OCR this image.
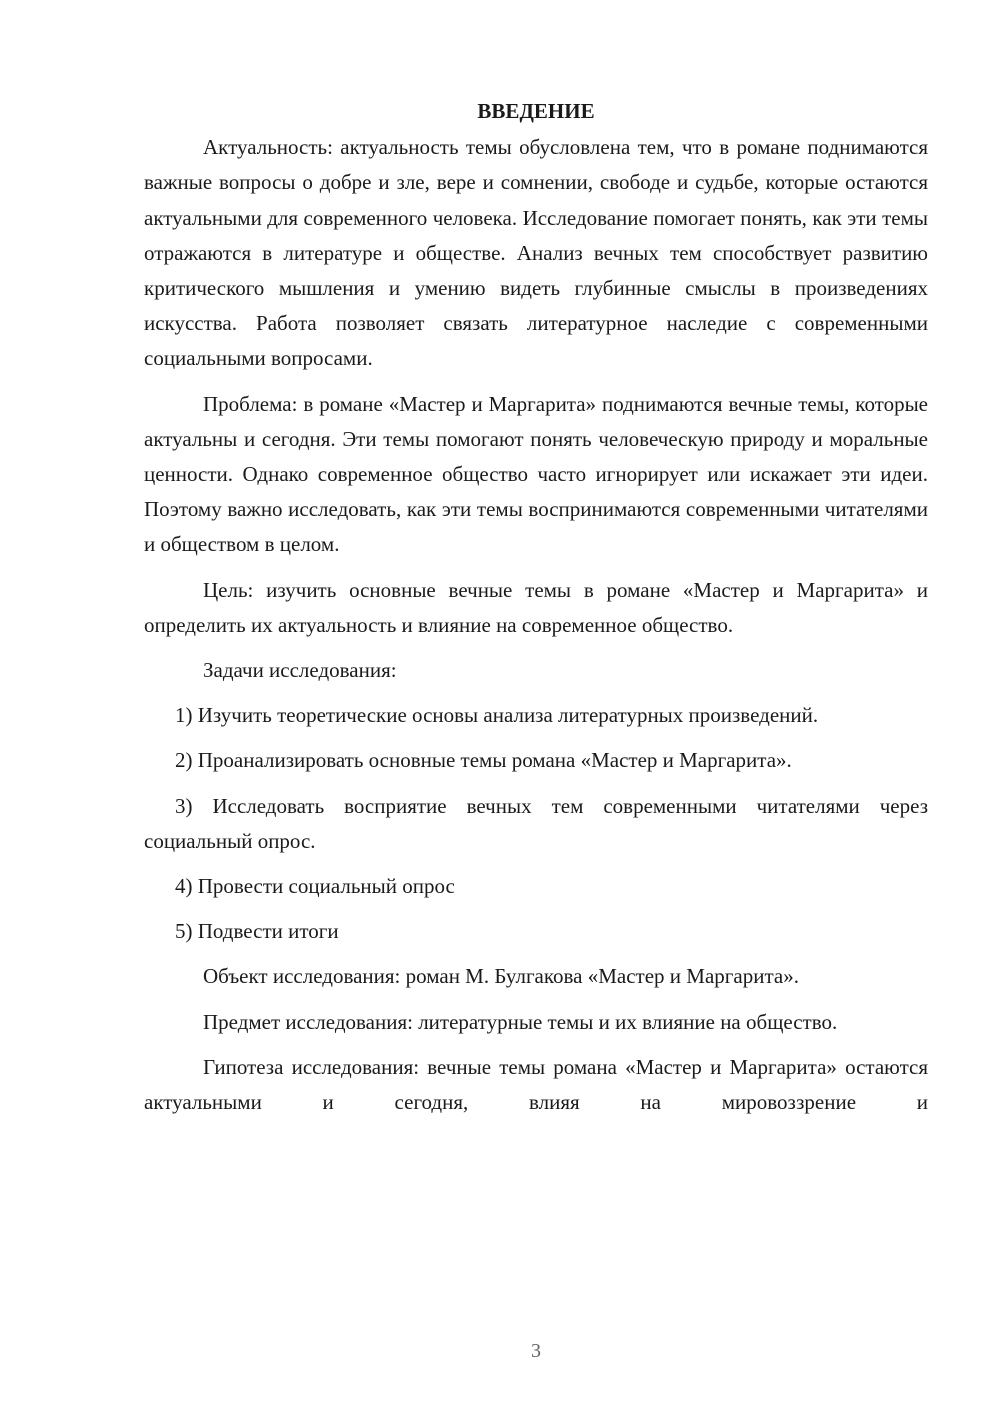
ВВЕДЕНИЕ

Актуальность: актуальность темы обусловлена тем, что в романе поднимаются важные вопросы о добре и зле, вере и сомнении, свободе и судьбе, которые остаются актуальными для современного человека. Исследование помогает понять, как эти темы отражаются в литературе и обществе. Анализ вечных тем способствует развитию критического мышления и умению видеть глубинные смыслы в произведениях искусства. Работа позволяет связать литературное наследие с современными социальными вопросами.

Проблема: в романе «Мастер и Маргарита» поднимаются вечные темы, которые актуальны и сегодня. Эти темы помогают понять человеческую природу и моральные ценности. Однако современное общество часто игнорирует или искажает эти идеи. Поэтому важно исследовать, как эти темы воспринимаются современными читателями и обществом в целом.

Цель: изучить основные вечные темы в романе «Мастер и Маргарита» и определить их актуальность и влияние на современное общество.

Задачи исследования:

1) Изучить теоретические основы анализа литературных произведений.

2) Проанализировать основные темы романа «Мастер и Маргарита».

3) Исследовать восприятие вечных тем современными читателями через социальный опрос.

4) Провести социальный опрос

5) Подвести итоги

Объект исследования: роман М. Булгакова «Мастер и Маргарита».

Предмет исследования: литературные темы и их влияние на общество.

Гипотеза исследования: вечные темы романа «Мастер и Маргарита» остаются актуальными и сегодня, влияя на мировоззрение и

3
